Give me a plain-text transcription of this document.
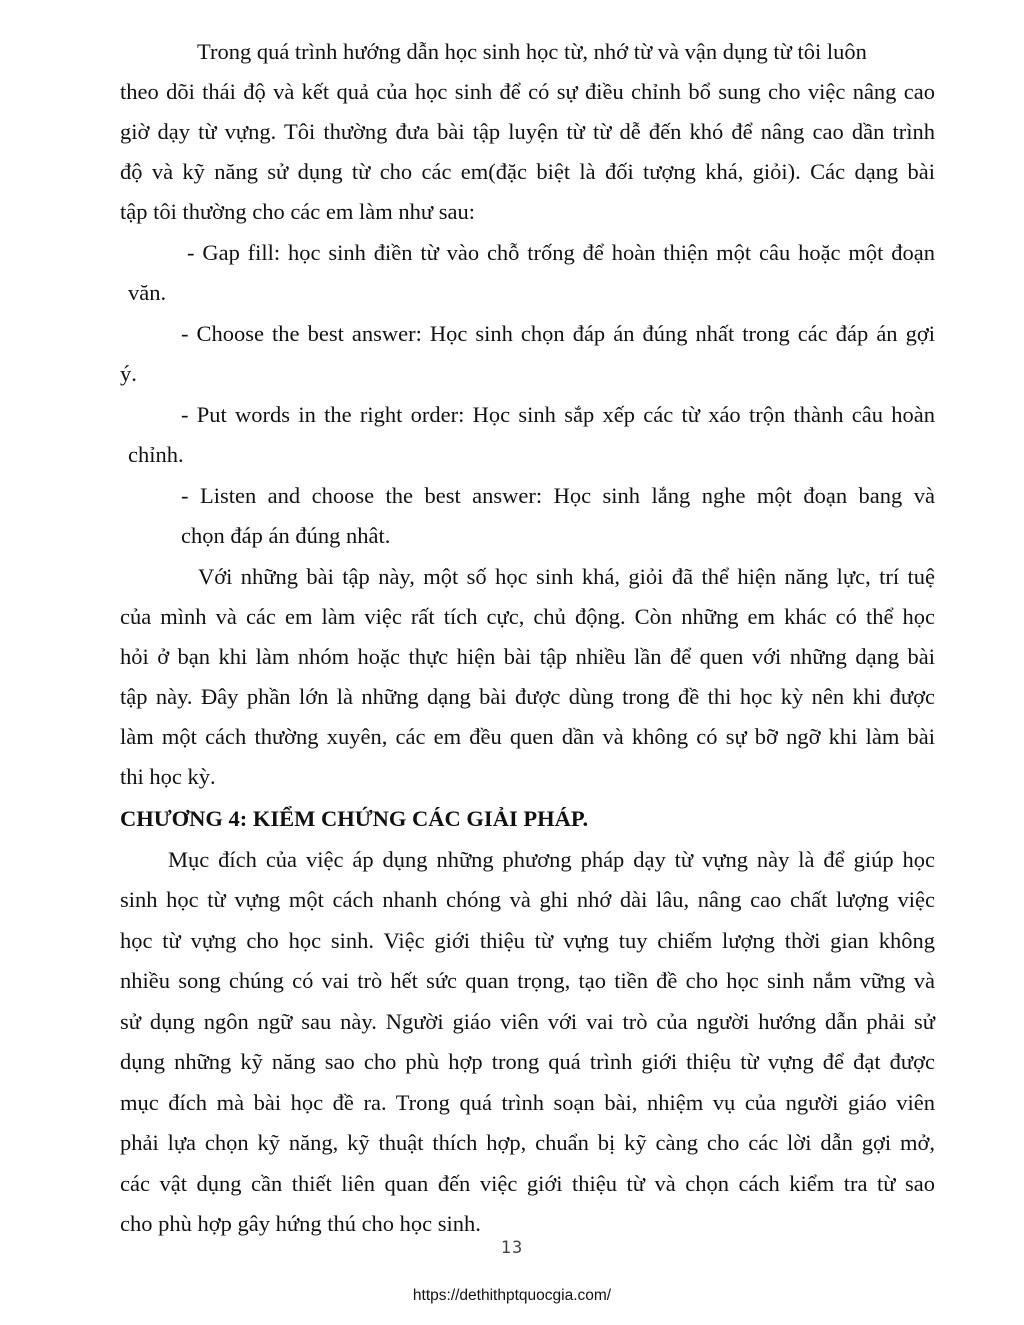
Trong quá trình hướng dẫn học sinh học từ, nhớ từ và vận dụng từ tôi luôn
theo dõi thái độ và kết quả của học sinh để có sự điều chỉnh bổ sung cho việc nâng cao
giờ dạy từ vựng. Tôi thường đưa bài tập luyện từ từ dễ đến khó để nâng cao dần trình
độ và kỹ năng sử dụng từ cho các em(đặc biệt là đối tượng khá, giỏi). Các dạng bài
tập tôi thường cho các em làm như sau:
- Gap fill: học sinh điền từ vào chỗ trống để hoàn thiện một câu hoặc một đoạn
văn.
- Choose the best answer: Học sinh chọn đáp án đúng nhất trong các đáp án gợi
ý.
- Put words in the right order: Học sinh sắp xếp các từ xáo trộn thành câu hoàn
chỉnh.
- Listen and choose the best answer: Học sinh lắng nghe một đoạn bang và
chọn đáp án đúng nhât.
Với những bài tập này, một số học sinh khá, giỏi đã thể hiện năng lực, trí tuệ
của mình và các em làm việc rất tích cực, chủ động. Còn những em khác có thể học
hỏi ở bạn khi làm nhóm hoặc thực hiện bài tập nhiều lần để quen với những dạng bài
tập này. Đây phần lớn là những dạng bài được dùng trong đề thi học kỳ nên khi được
làm một cách thường xuyên, các em đều quen dần và không có sự bỡ ngỡ khi làm bài
thi học kỳ.
CHƯƠNG 4: KIỂM CHỨNG CÁC GIẢI PHÁP.
Mục đích của việc áp dụng những phương pháp dạy từ vựng này là để giúp học
sinh học từ vựng một cách nhanh chóng và ghi nhớ dài lâu, nâng cao chất lượng việc
học từ vựng cho học sinh. Việc giới thiệu từ vựng tuy chiếm lượng thời gian không
nhiều song chúng có vai trò hết sức quan trọng, tạo tiền đề cho học sinh nắm vững và
sử dụng ngôn ngữ sau này. Người giáo viên với vai trò của người hướng dẫn phải sử
dụng những kỹ năng sao cho phù hợp trong quá trình giới thiệu từ vựng để đạt được
mục đích mà bài học đề ra. Trong quá trình soạn bài, nhiệm vụ của người giáo viên
phải lựa chọn kỹ năng, kỹ thuật thích hợp, chuẩn bị kỹ càng cho các lời dẫn gợi mở,
các vật dụng cần thiết liên quan đến việc giới thiệu từ và chọn cách kiểm tra từ sao
cho phù hợp gây hứng thú cho học sinh.
13
https://dethithptquocgia.com/
